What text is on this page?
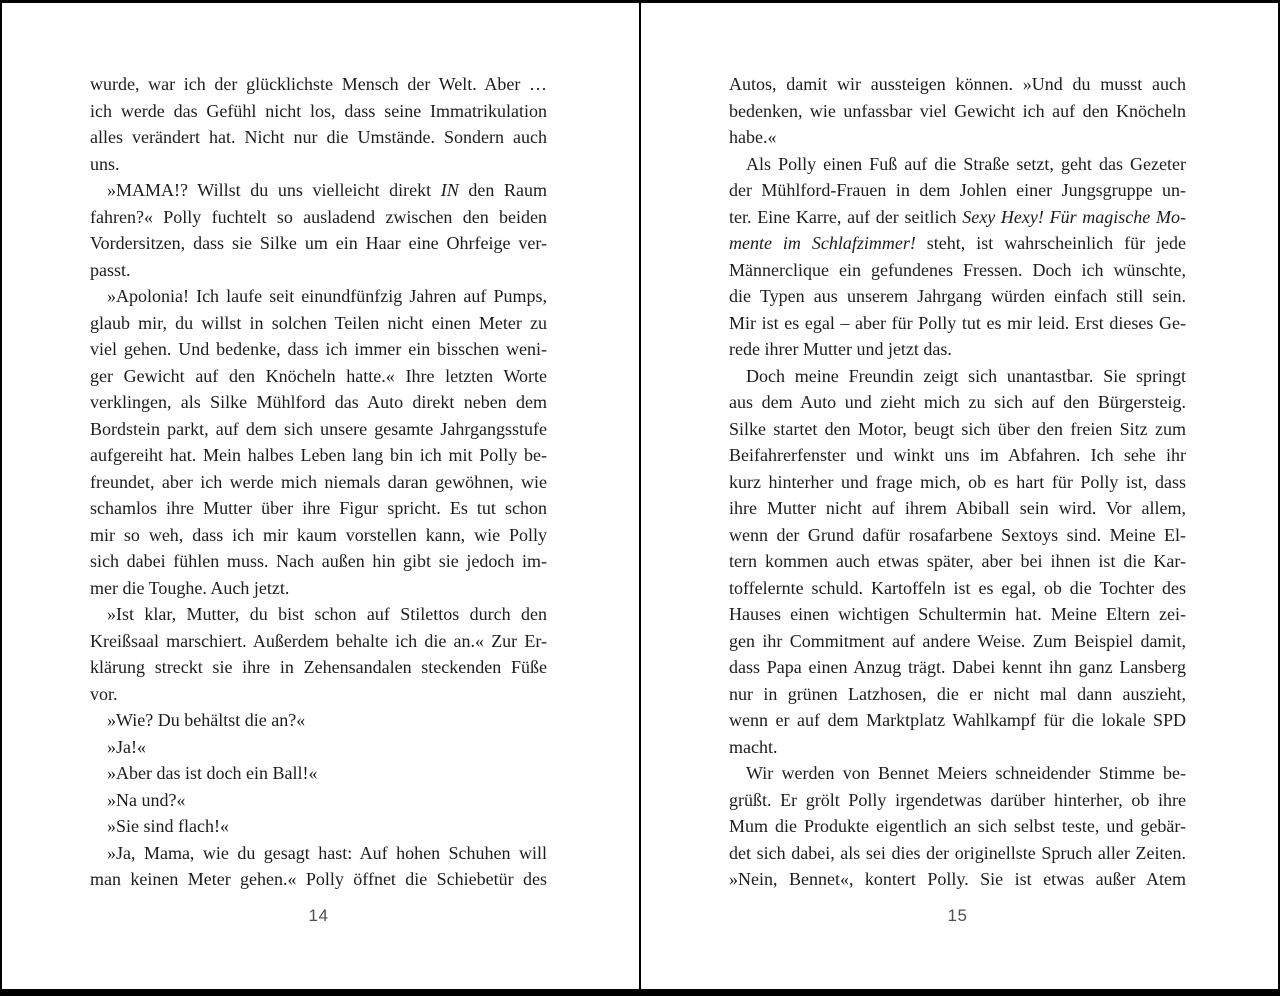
wurde, war ich der glücklichste Mensch der Welt. Aber …
ich werde das Gefühl nicht los, dass seine Immatrikulation
alles verändert hat. Nicht nur die Umstände. Sondern auch
uns.
»MAMA!? Willst du uns vielleicht direkt IN den Raum
fahren?« Polly fuchtelt so ausladend zwischen den beiden
Vordersitzen, dass sie Silke um ein Haar eine Ohrfeige ver-
passt.
»Apolonia! Ich laufe seit einundfünfzig Jahren auf Pumps,
glaub mir, du willst in solchen Teilen nicht einen Meter zu
viel gehen. Und bedenke, dass ich immer ein bisschen weni-
ger Gewicht auf den Knöcheln hatte.« Ihre letzten Worte
verklingen, als Silke Mühlford das Auto direkt neben dem
Bordstein parkt, auf dem sich unsere gesamte Jahrgangsstufe
aufgereiht hat. Mein halbes Leben lang bin ich mit Polly be-
freundet, aber ich werde mich niemals daran gewöhnen, wie
schamlos ihre Mutter über ihre Figur spricht. Es tut schon
mir so weh, dass ich mir kaum vorstellen kann, wie Polly
sich dabei fühlen muss. Nach außen hin gibt sie jedoch im-
mer die Toughe. Auch jetzt.
»Ist klar, Mutter, du bist schon auf Stilettos durch den
Kreißsaal marschiert. Außerdem behalte ich die an.« Zur Er-
klärung streckt sie ihre in Zehensandalen steckenden Füße
vor.
»Wie? Du behältst die an?«
»Ja!«
»Aber das ist doch ein Ball!«
»Na und?«
»Sie sind flach!«
»Ja, Mama, wie du gesagt hast: Auf hohen Schuhen will
man keinen Meter gehen.« Polly öffnet die Schiebetür des
Autos, damit wir aussteigen können. »Und du musst auch
bedenken, wie unfassbar viel Gewicht ich auf den Knöcheln
habe.«
Als Polly einen Fuß auf die Straße setzt, geht das Gezeter
der Mühlford-Frauen in dem Johlen einer Jungsgruppe un-
ter. Eine Karre, auf der seitlich Sexy Hexy! Für magische Mo-
mente im Schlafzimmer! steht, ist wahrscheinlich für jede
Männerclique ein gefundenes Fressen. Doch ich wünschte,
die Typen aus unserem Jahrgang würden einfach still sein.
Mir ist es egal – aber für Polly tut es mir leid. Erst dieses Ge-
rede ihrer Mutter und jetzt das.
Doch meine Freundin zeigt sich unantastbar. Sie springt
aus dem Auto und zieht mich zu sich auf den Bürgersteig.
Silke startet den Motor, beugt sich über den freien Sitz zum
Beifahrerfenster und winkt uns im Abfahren. Ich sehe ihr
kurz hinterher und frage mich, ob es hart für Polly ist, dass
ihre Mutter nicht auf ihrem Abiball sein wird. Vor allem,
wenn der Grund dafür rosafarbene Sextoys sind. Meine El-
tern kommen auch etwas später, aber bei ihnen ist die Kar-
toffelernte schuld. Kartoffeln ist es egal, ob die Tochter des
Hauses einen wichtigen Schultermin hat. Meine Eltern zei-
gen ihr Commitment auf andere Weise. Zum Beispiel damit,
dass Papa einen Anzug trägt. Dabei kennt ihn ganz Lansberg
nur in grünen Latzhosen, die er nicht mal dann auszieht,
wenn er auf dem Marktplatz Wahlkampf für die lokale SPD
macht.
Wir werden von Bennet Meiers schneidender Stimme be-
grüßt. Er grölt Polly irgendetwas darüber hinterher, ob ihre
Mum die Produkte eigentlich an sich selbst teste, und gebär-
det sich dabei, als sei dies der originellste Spruch aller Zeiten.
»Nein, Bennet«, kontert Polly. Sie ist etwas außer Atem
14	15
